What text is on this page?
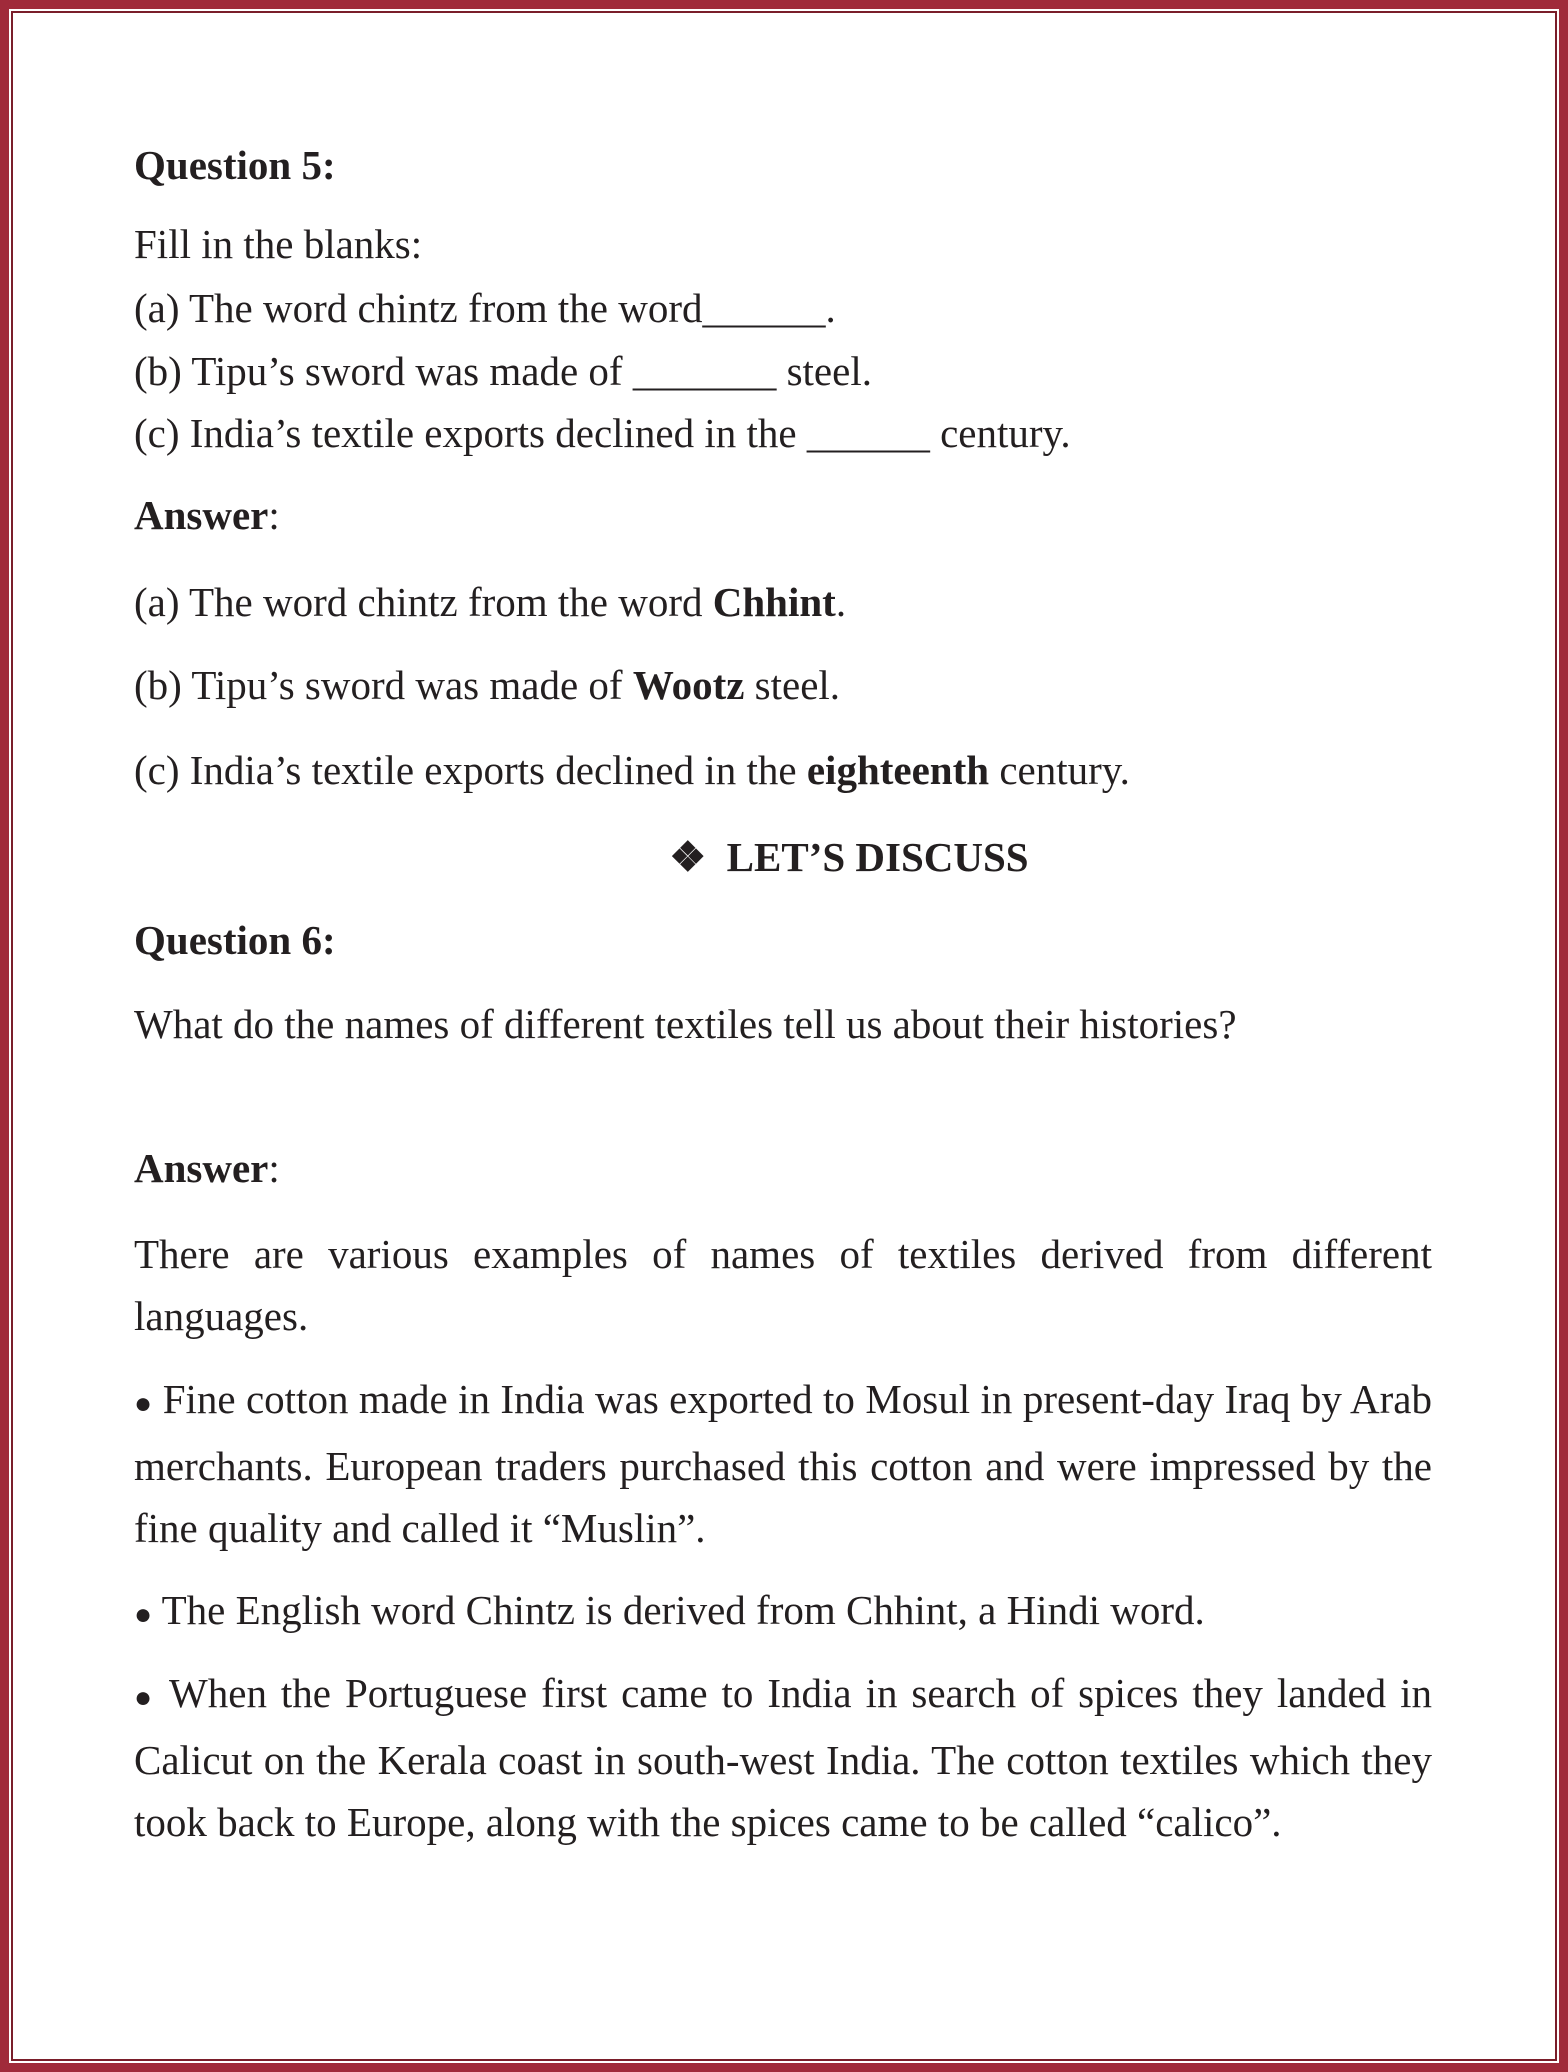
Question 5:
Fill in the blanks:
(a) The word chintz from the word______.
(b) Tipu’s sword was made of _______ steel.
(c) India’s textile exports declined in the ______ century.
Answer:
(a) The word chintz from the word Chhint.
(b) Tipu’s sword was made of Wootz steel.
(c) India’s textile exports declined in the eighteenth century.
❖ LET’S DISCUSS
Question 6:
What do the names of different textiles tell us about their histories?
Answer:
There are various examples of names of textiles derived from different languages.
● Fine cotton made in India was exported to Mosul in present-day Iraq by Arab merchants. European traders purchased this cotton and were impressed by the fine quality and called it “Muslin”.
● The English word Chintz is derived from Chhint, a Hindi word.
● When the Portuguese first came to India in search of spices they landed in Calicut on the Kerala coast in south-west India. The cotton textiles which they took back to Europe, along with the spices came to be called “calico”.
